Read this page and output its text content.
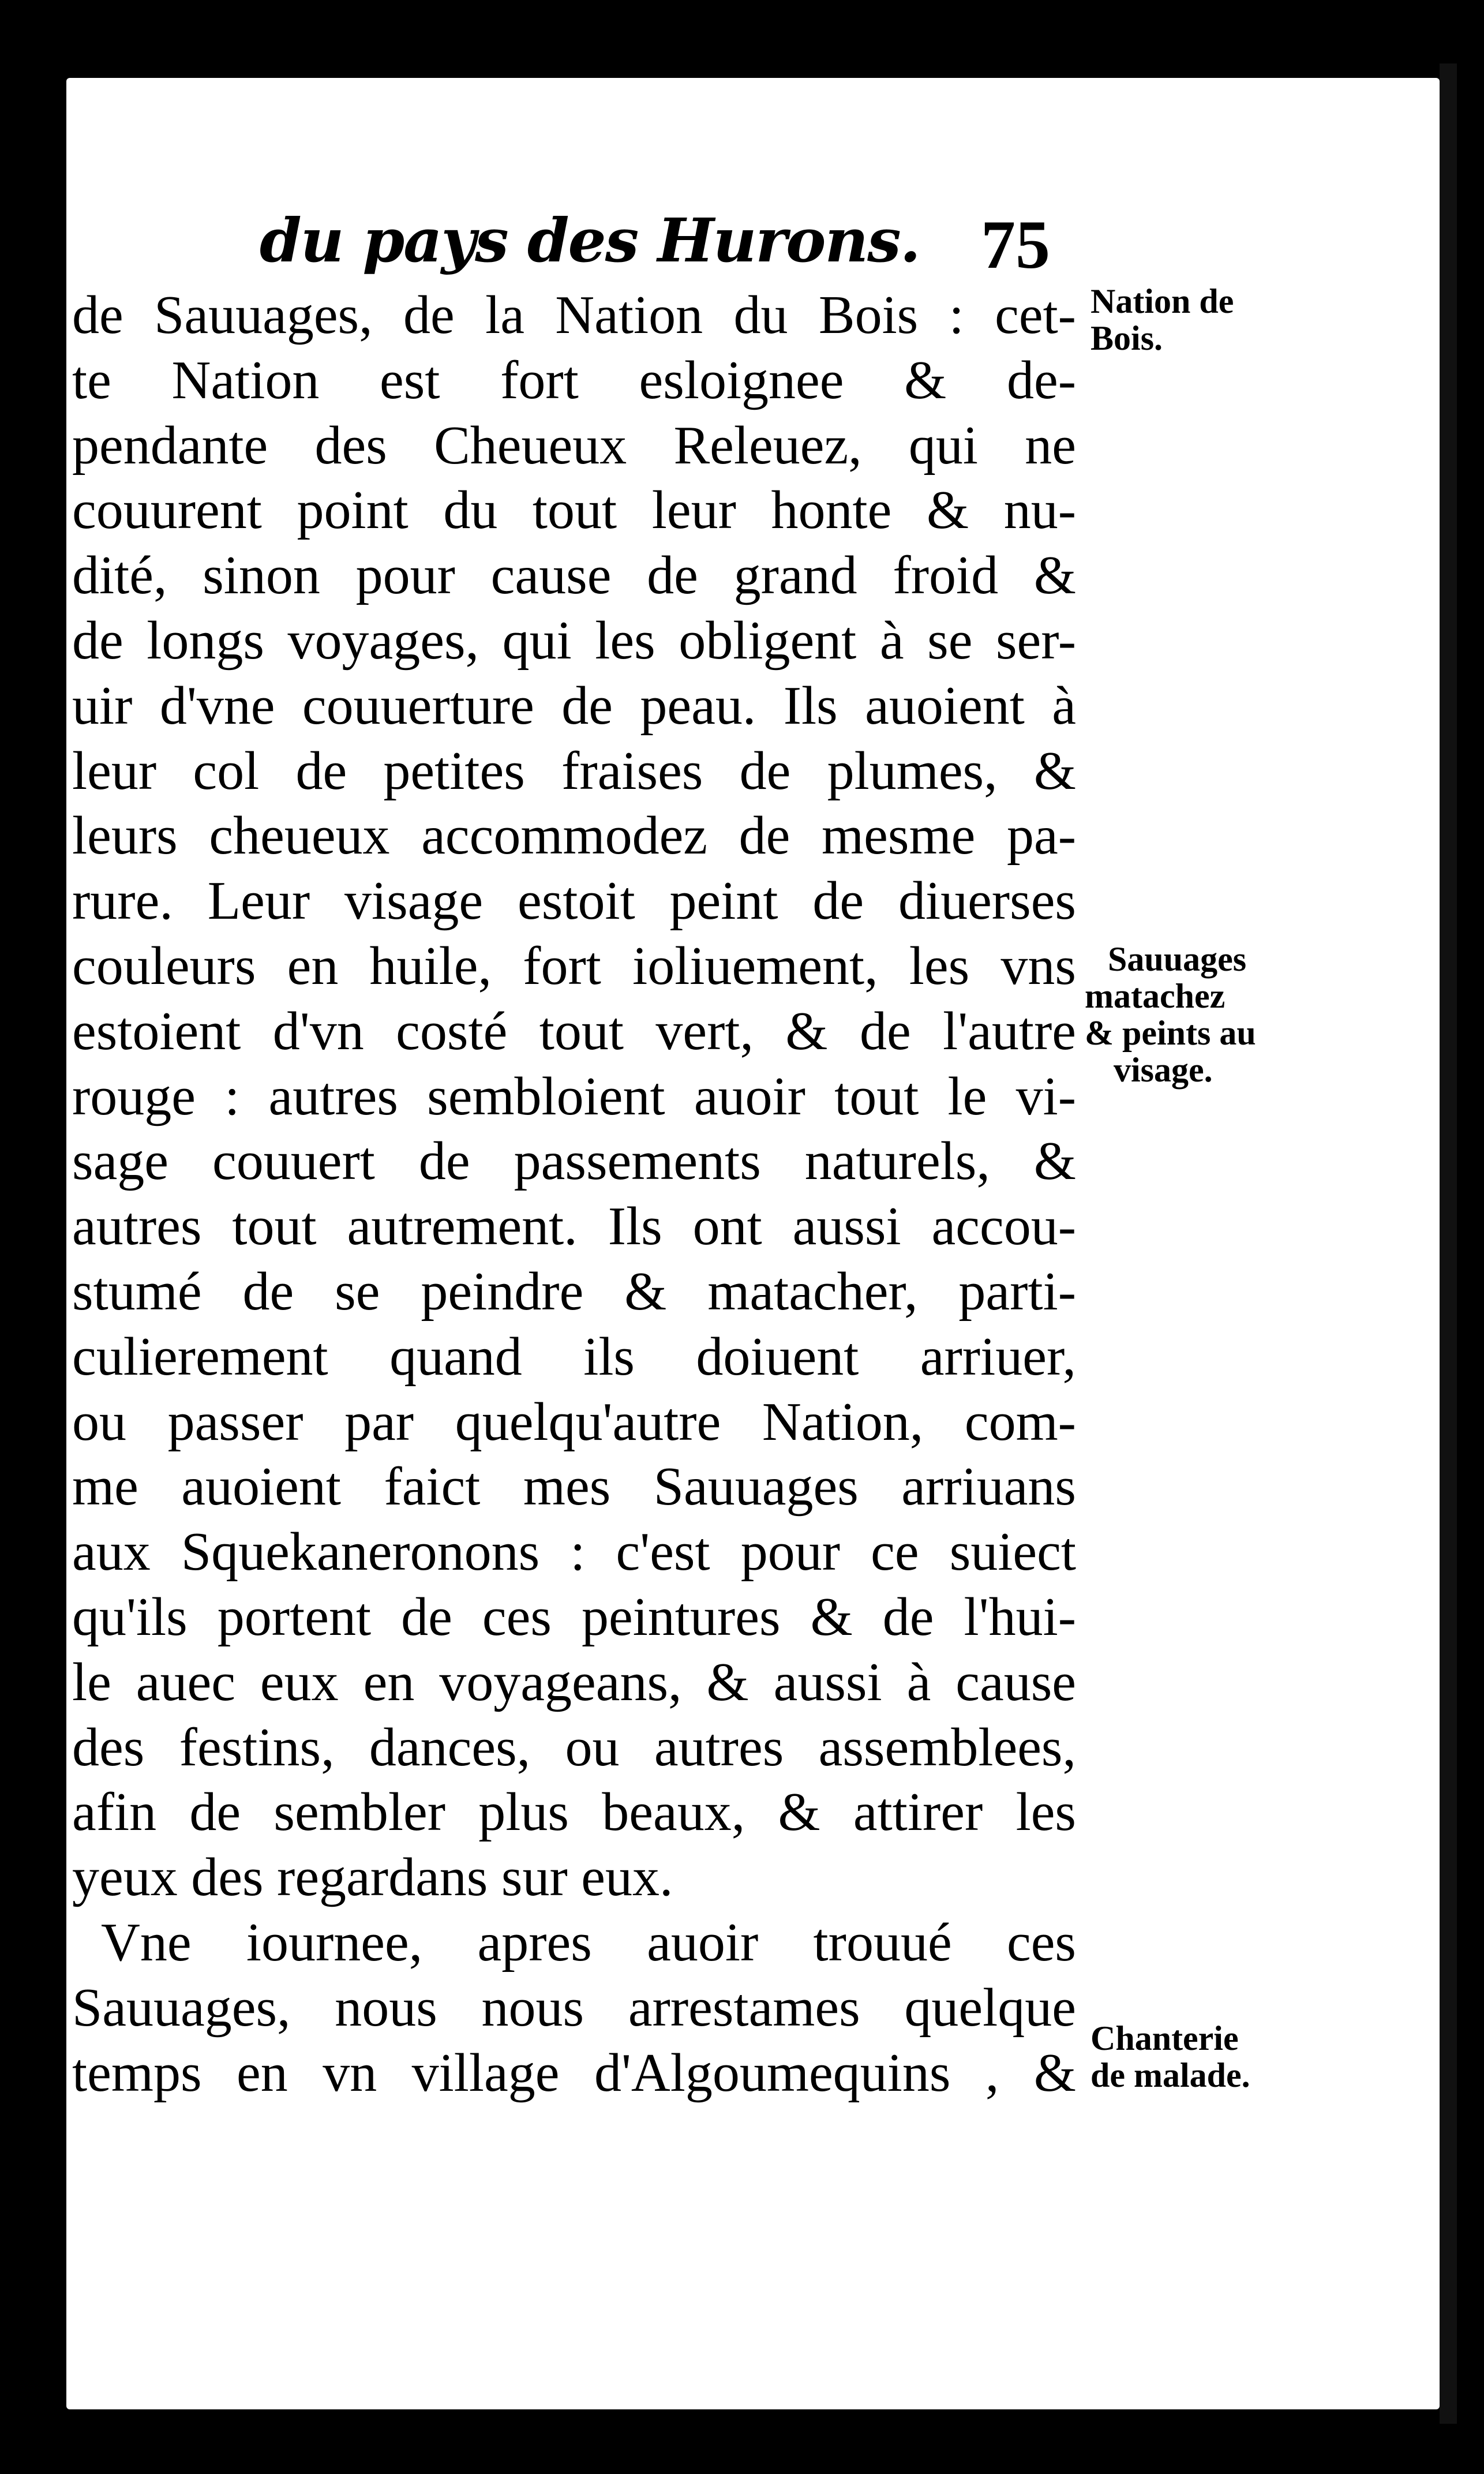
du pays des Hurons. 75
de Sauuages, de la Nation du Bois : cet-
te Nation est fort esloignee & de-
pendante des Cheueux Releuez, qui ne
couurent point du tout leur honte & nu-
dité, sinon pour cause de grand froid &
de longs voyages, qui les obligent à se ser-
uir d'vne couuerture de peau. Ils auoient à
leur col de petites fraises de plumes, &
leurs cheueux accommodez de mesme pa-
rure. Leur visage estoit peint de diuerses
couleurs en huile, fort ioliuement, les vns
estoient d'vn costé tout vert, & de l'autre
rouge : autres sembloient auoir tout le vi-
sage couuert de passements naturels, &
autres tout autrement. Ils ont aussi accou-
stumé de se peindre & matacher, parti-
culierement quand ils doiuent arriuer,
ou passer par quelqu'autre Nation, com-
me auoient faict mes Sauuages arriuans
aux Squekaneronons : c'est pour ce suiect
qu'ils portent de ces peintures & de l'hui-
le auec eux en voyageans, & aussi à cause
des festins, dances, ou autres assemblees,
afin de sembler plus beaux, & attirer les
yeux des regardans sur eux.
Vne iournee, apres auoir trouué ces
Sauuages, nous nous arrestames quelque
temps en vn village d'Algoumequins , &
Nation de
Bois.
Sauuages
matachez
& peints au
visage.
Chanterie
de malade.
